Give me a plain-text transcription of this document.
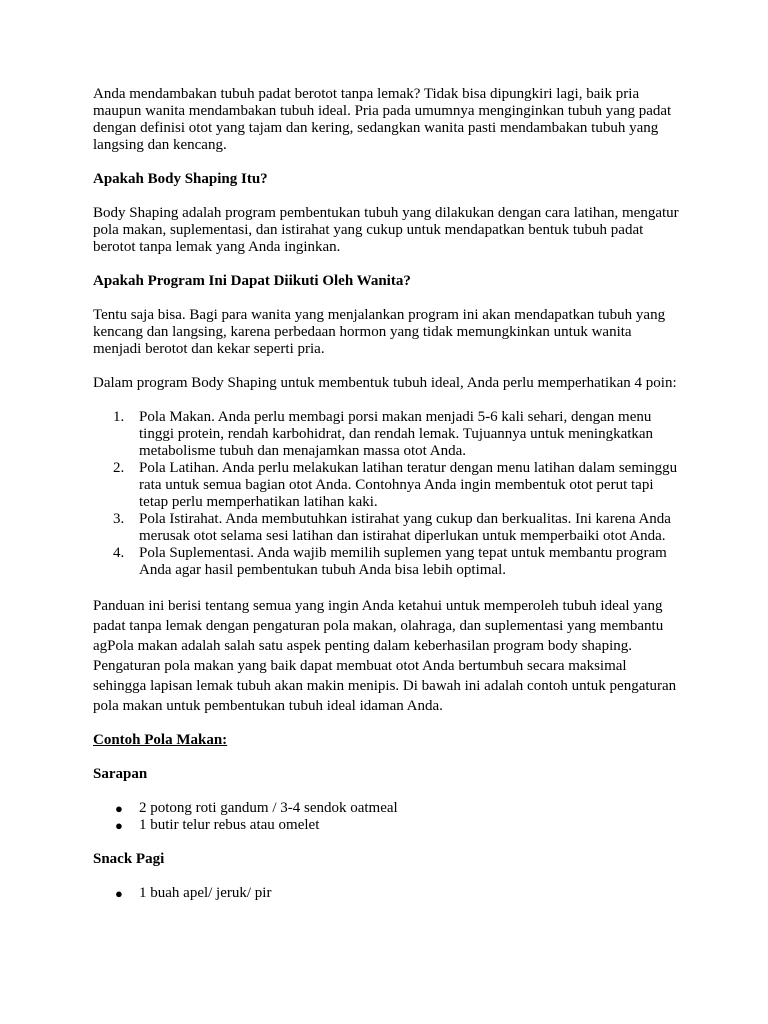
Anda mendambakan tubuh padat berotot tanpa lemak? Tidak bisa dipungkiri lagi, baik pria maupun wanita mendambakan tubuh ideal. Pria pada umumnya menginginkan tubuh yang padat dengan definisi otot yang tajam dan kering, sedangkan wanita pasti mendambakan tubuh yang langsing dan kencang.

Apakah Body Shaping Itu?

Body Shaping adalah program pembentukan tubuh yang dilakukan dengan cara latihan, mengatur pola makan, suplementasi, dan istirahat yang cukup untuk mendapatkan bentuk tubuh padat berotot tanpa lemak yang Anda inginkan.

Apakah Program Ini Dapat Diikuti Oleh Wanita?

Tentu saja bisa. Bagi para wanita yang menjalankan program ini akan mendapatkan tubuh yang kencang dan langsing, karena perbedaan hormon yang tidak memungkinkan untuk wanita menjadi berotot dan kekar seperti pria.

Dalam program Body Shaping untuk membentuk tubuh ideal, Anda perlu memperhatikan 4 poin:

1. Pola Makan. Anda perlu membagi porsi makan menjadi 5-6 kali sehari, dengan menu tinggi protein, rendah karbohidrat, dan rendah lemak. Tujuannya untuk meningkatkan metabolisme tubuh dan menajamkan massa otot Anda.
2. Pola Latihan. Anda perlu melakukan latihan teratur dengan menu latihan dalam seminggu rata untuk semua bagian otot Anda. Contohnya Anda ingin membentuk otot perut tapi tetap perlu memperhatikan latihan kaki.
3. Pola Istirahat. Anda membutuhkan istirahat yang cukup dan berkualitas. Ini karena Anda merusak otot selama sesi latihan dan istirahat diperlukan untuk memperbaiki otot Anda.
4. Pola Suplementasi. Anda wajib memilih suplemen yang tepat untuk membantu program Anda agar hasil pembentukan tubuh Anda bisa lebih optimal.

Panduan ini berisi tentang semua yang ingin Anda ketahui untuk memperoleh tubuh ideal yang padat tanpa lemak dengan pengaturan pola makan, olahraga, dan suplementasi yang membantu agPola makan adalah salah satu aspek penting dalam keberhasilan program body shaping. Pengaturan pola makan yang baik dapat membuat otot Anda bertumbuh secara maksimal sehingga lapisan lemak tubuh akan makin menipis. Di bawah ini adalah contoh untuk pengaturan pola makan untuk pembentukan tubuh ideal idaman Anda.

Contoh Pola Makan:

Sarapan

● 2 potong roti gandum / 3-4 sendok oatmeal
● 1 butir telur rebus atau omelet

Snack Pagi

● 1 buah apel/ jeruk/ pir
